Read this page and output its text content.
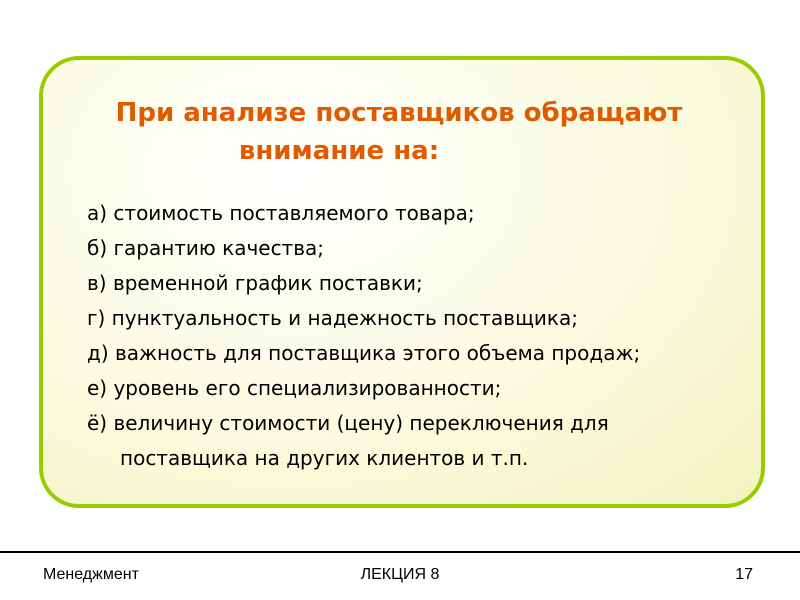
При анализе поставщиков обращают
внимание на:
а) стоимость поставляемого товара;
б) гарантию качества;
в) временной график поставки;
г) пунктуальность и надежность поставщика;
д) важность для поставщика этого объема продаж;
е) уровень его специализированности;
ё) величину стоимости (цену) переключения для
поставщика на других клиентов и т.п.
Менеджмент	ЛЕКЦИЯ 8	17
